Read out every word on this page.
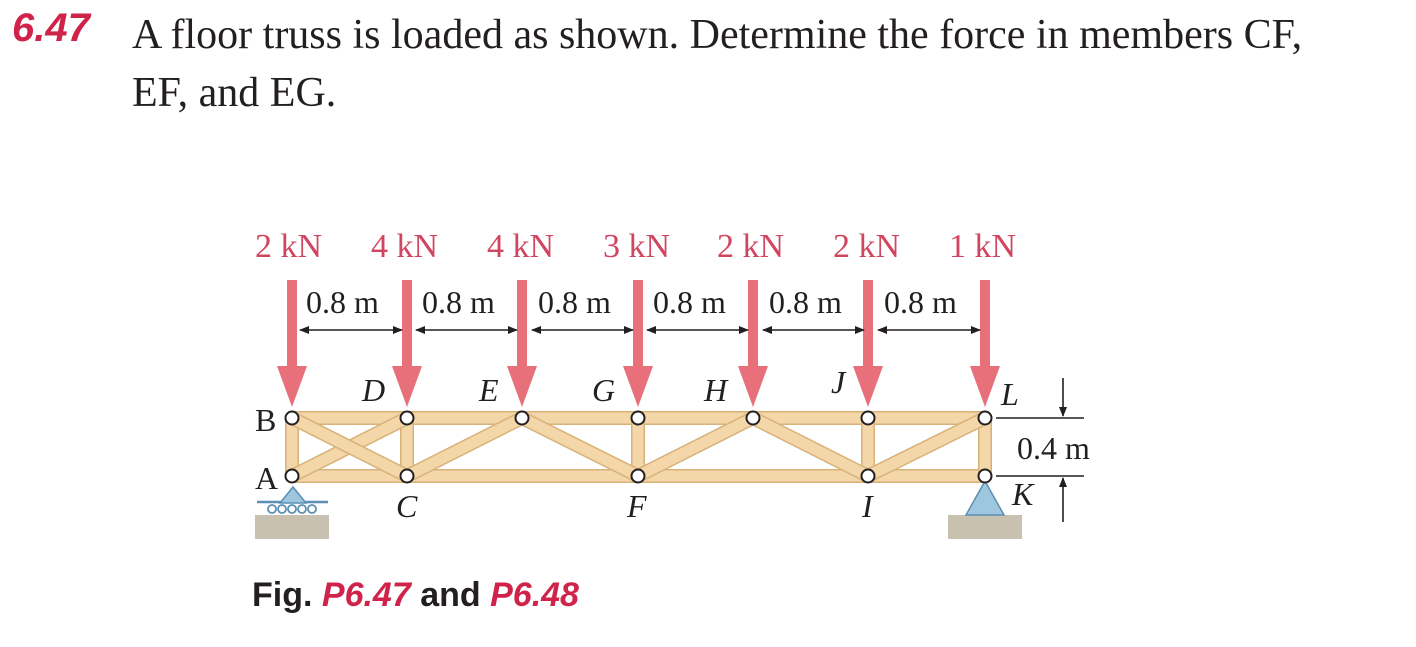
6.47 A floor truss is loaded as shown. Determine the force in members CF,
EF, and EG.
2 kN 4 kN 4 kN 3 kN 2 kN 2 kN 1 kN
0.8 m 0.8 m 0.8 m 0.8 m 0.8 m 0.8 m
0.4 m
B
D	E	G	H	J	L
A
C	F	I	K
Fig. P6.47 and P6.48
